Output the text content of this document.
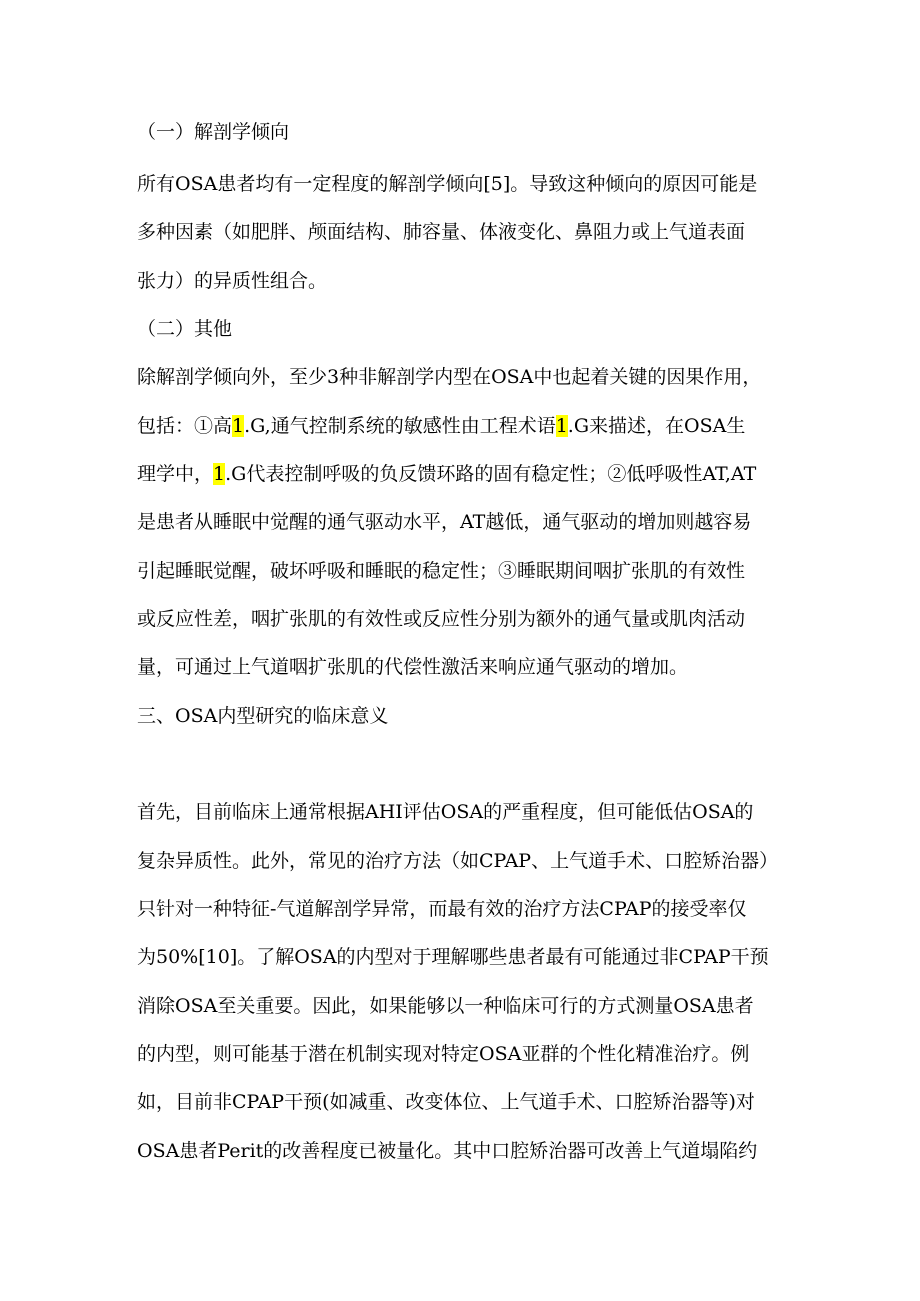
（一）解剖学倾向
所有OSA患者均有一定程度的解剖学倾向[5]。导致这种倾向的原因可能是
多种因素（如肥胖、颅面结构、肺容量、体液变化、鼻阻力或上气道表面
张力）的异质性组合。
（二）其他
除解剖学倾向外，至少3种非解剖学内型在OSA中也起着关键的因果作用，
包括：①高1.G,通气控制系统的敏感性由工程术语1.G来描述，在OSA生
理学中，1.G代表控制呼吸的负反馈环路的固有稳定性；②低呼吸性AT,AT
是患者从睡眠中觉醒的通气驱动水平，AT越低，通气驱动的增加则越容易
引起睡眠觉醒，破坏呼吸和睡眠的稳定性；③睡眠期间咽扩张肌的有效性
或反应性差，咽扩张肌的有效性或反应性分别为额外的通气量或肌肉活动
量，可通过上气道咽扩张肌的代偿性激活来响应通气驱动的增加。
三、OSA内型研究的临床意义
首先，目前临床上通常根据AHI评估OSA的严重程度，但可能低估OSA的
复杂异质性。此外，常见的治疗方法（如CPAP、上气道手术、口腔矫治器）
只针对一种特征-气道解剖学异常，而最有效的治疗方法CPAP的接受率仅
为50%[10]。了解OSA的内型对于理解哪些患者最有可能通过非CPAP干预
消除OSA至关重要。因此，如果能够以一种临床可行的方式测量OSA患者
的内型，则可能基于潜在机制实现对特定OSA亚群的个性化精准治疗。例
如，目前非CPAP干预(如减重、改变体位、上气道手术、口腔矫治器等)对
OSA患者Perit的改善程度已被量化。其中口腔矫治器可改善上气道塌陷约
